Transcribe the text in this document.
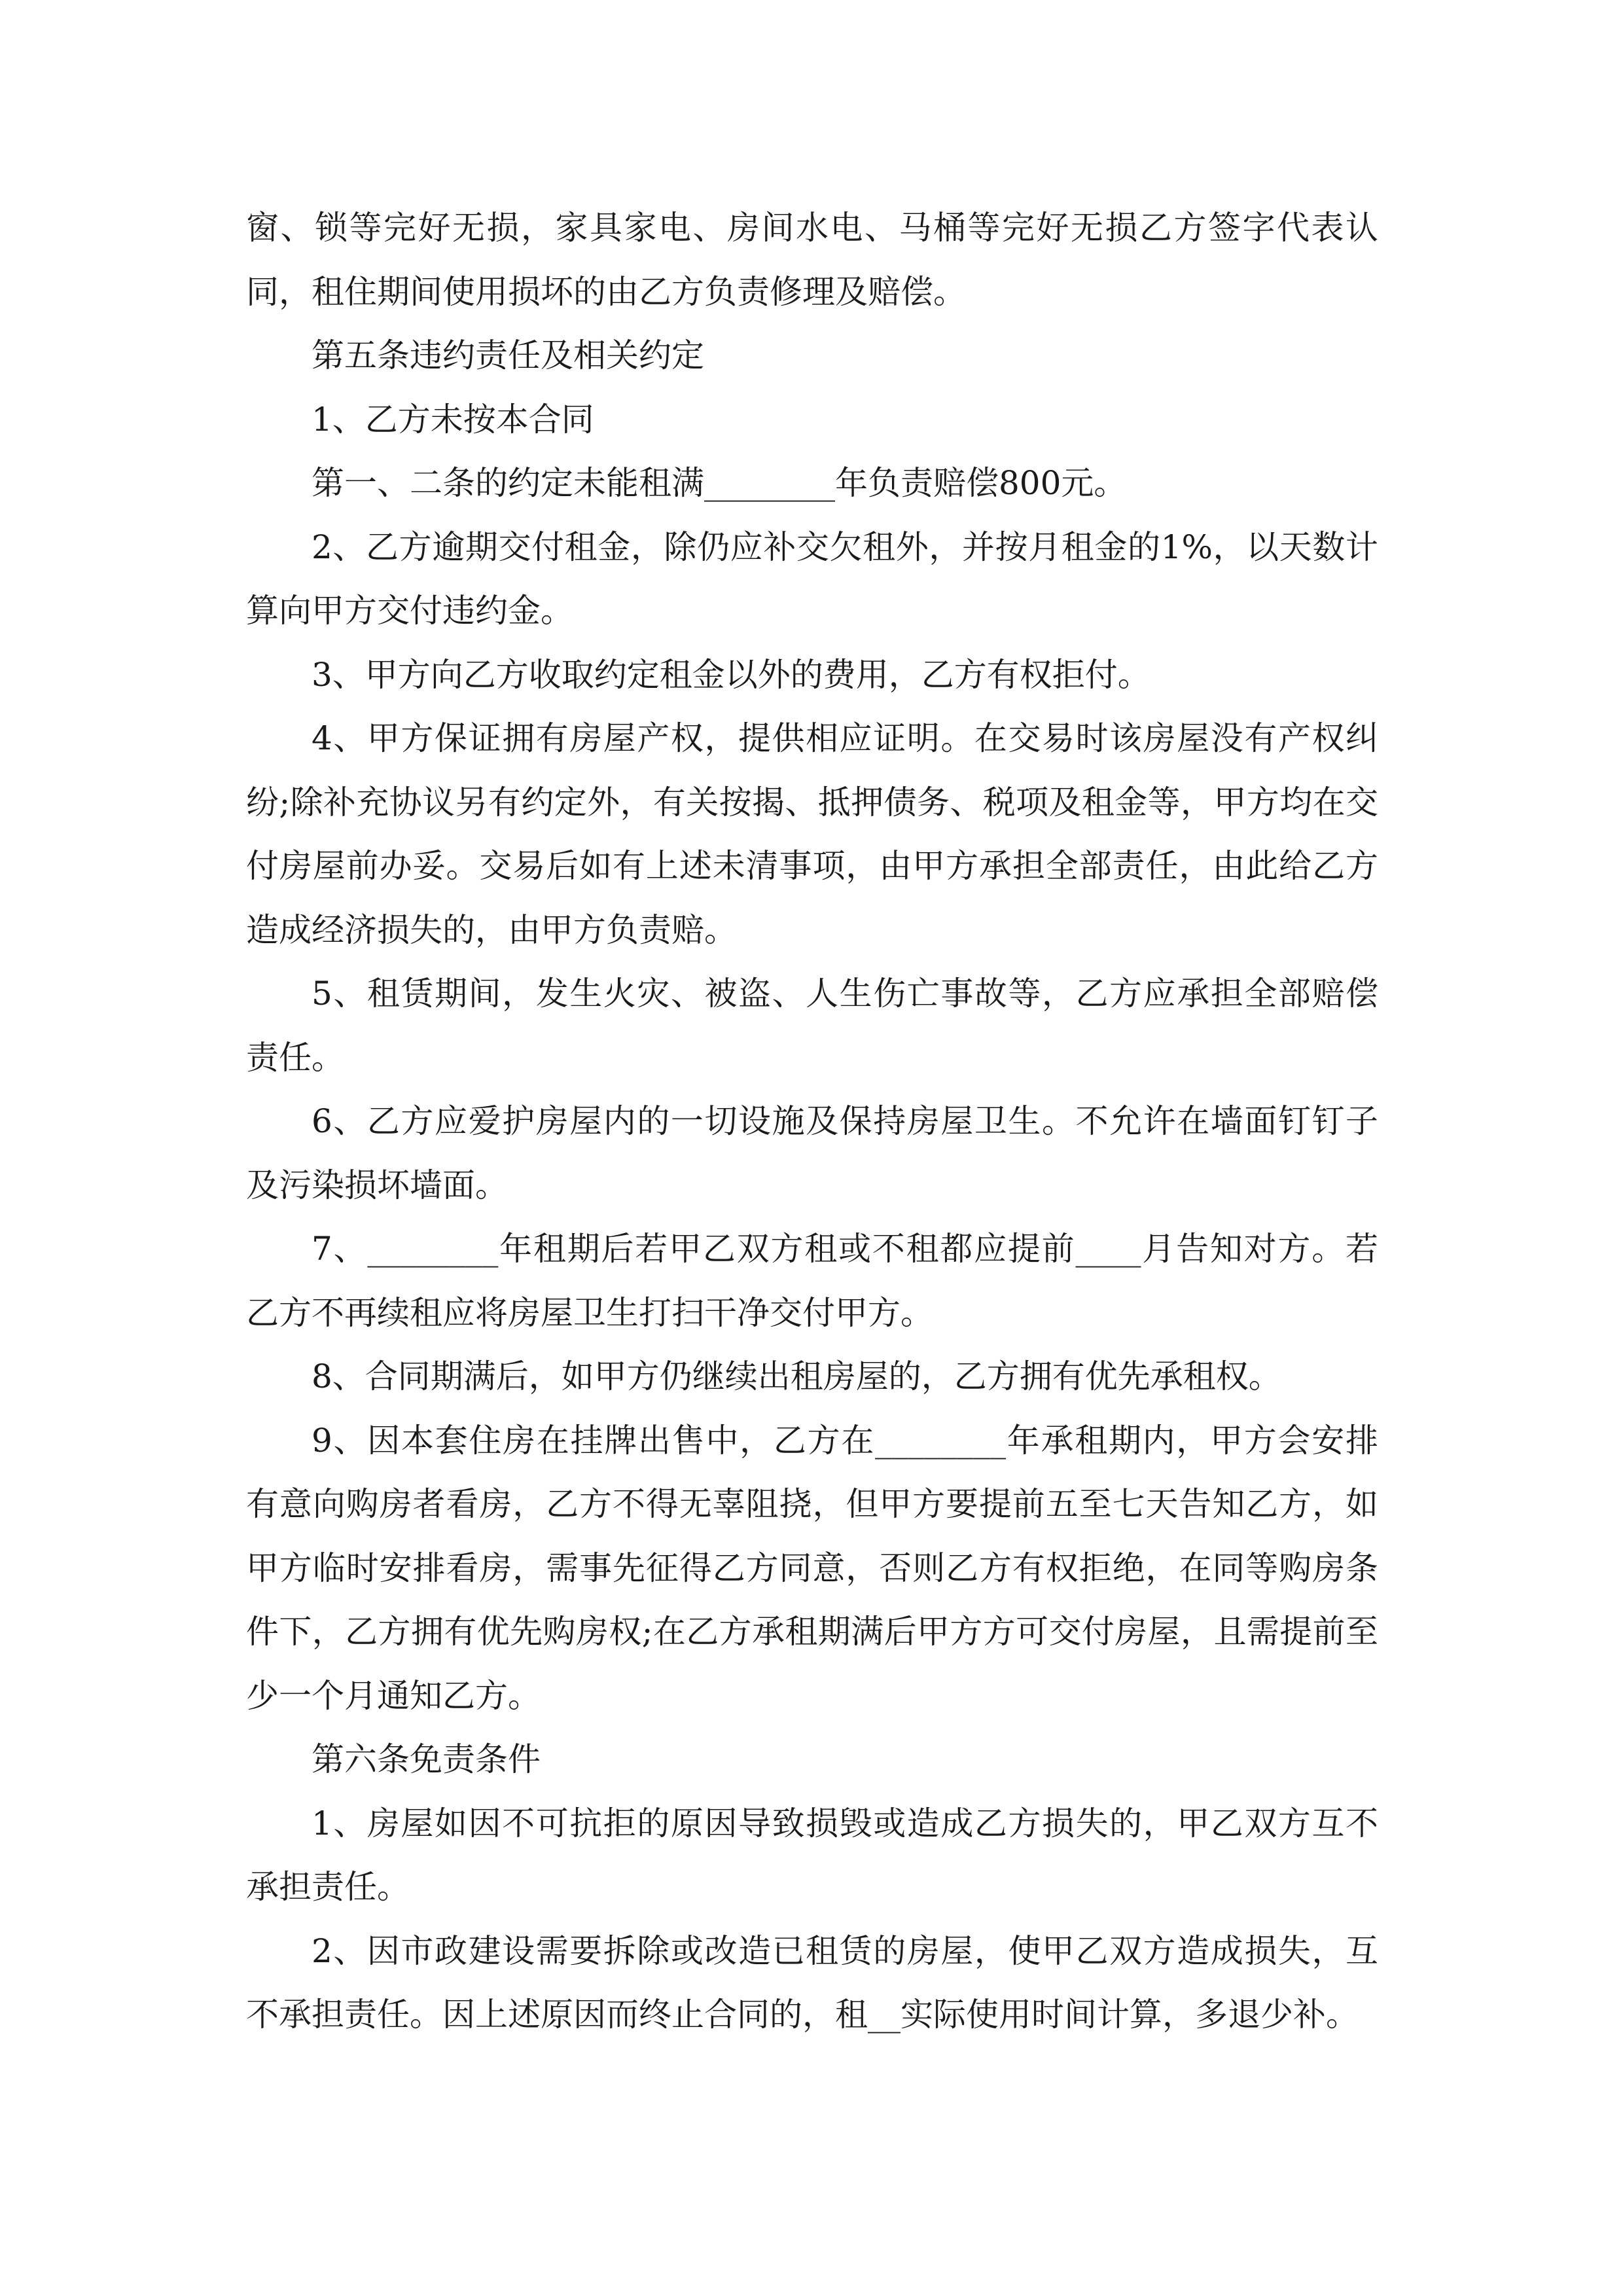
窗、锁等完好无损，家具家电、房间水电、马桶等完好无损乙方签字代表认同，租住期间使用损坏的由乙方负责修理及赔偿。

第五条违约责任及相关约定

1、乙方未按本合同

第一、二条的约定未能租满________年负责赔偿800元。

2、乙方逾期交付租金，除仍应补交欠租外，并按月租金的1%，以天数计算向甲方交付违约金。

3、甲方向乙方收取约定租金以外的费用，乙方有权拒付。

4、甲方保证拥有房屋产权，提供相应证明。在交易时该房屋没有产权纠纷;除补充协议另有约定外，有关按揭、抵押债务、税项及租金等，甲方均在交付房屋前办妥。交易后如有上述未清事项，由甲方承担全部责任，由此给乙方造成经济损失的，由甲方负责赔。

5、租赁期间，发生火灾、被盗、人生伤亡事故等，乙方应承担全部赔偿责任。

6、乙方应爱护房屋内的一切设施及保持房屋卫生。不允许在墙面钉钉子及污染损坏墙面。

7、________年租期后若甲乙双方租或不租都应提前____月告知对方。若乙方不再续租应将房屋卫生打扫干净交付甲方。

8、合同期满后，如甲方仍继续出租房屋的，乙方拥有优先承租权。

9、因本套住房在挂牌出售中，乙方在________年承租期内，甲方会安排有意向购房者看房，乙方不得无辜阻挠，但甲方要提前五至七天告知乙方，如甲方临时安排看房，需事先征得乙方同意，否则乙方有权拒绝，在同等购房条件下，乙方拥有优先购房权;在乙方承租期满后甲方方可交付房屋，且需提前至少一个月通知乙方。

第六条免责条件

1、房屋如因不可抗拒的原因导致损毁或造成乙方损失的，甲乙双方互不承担责任。

2、因市政建设需要拆除或改造已租赁的房屋，使甲乙双方造成损失，互不承担责任。因上述原因而终止合同的，租__实际使用时间计算，多退少补。
